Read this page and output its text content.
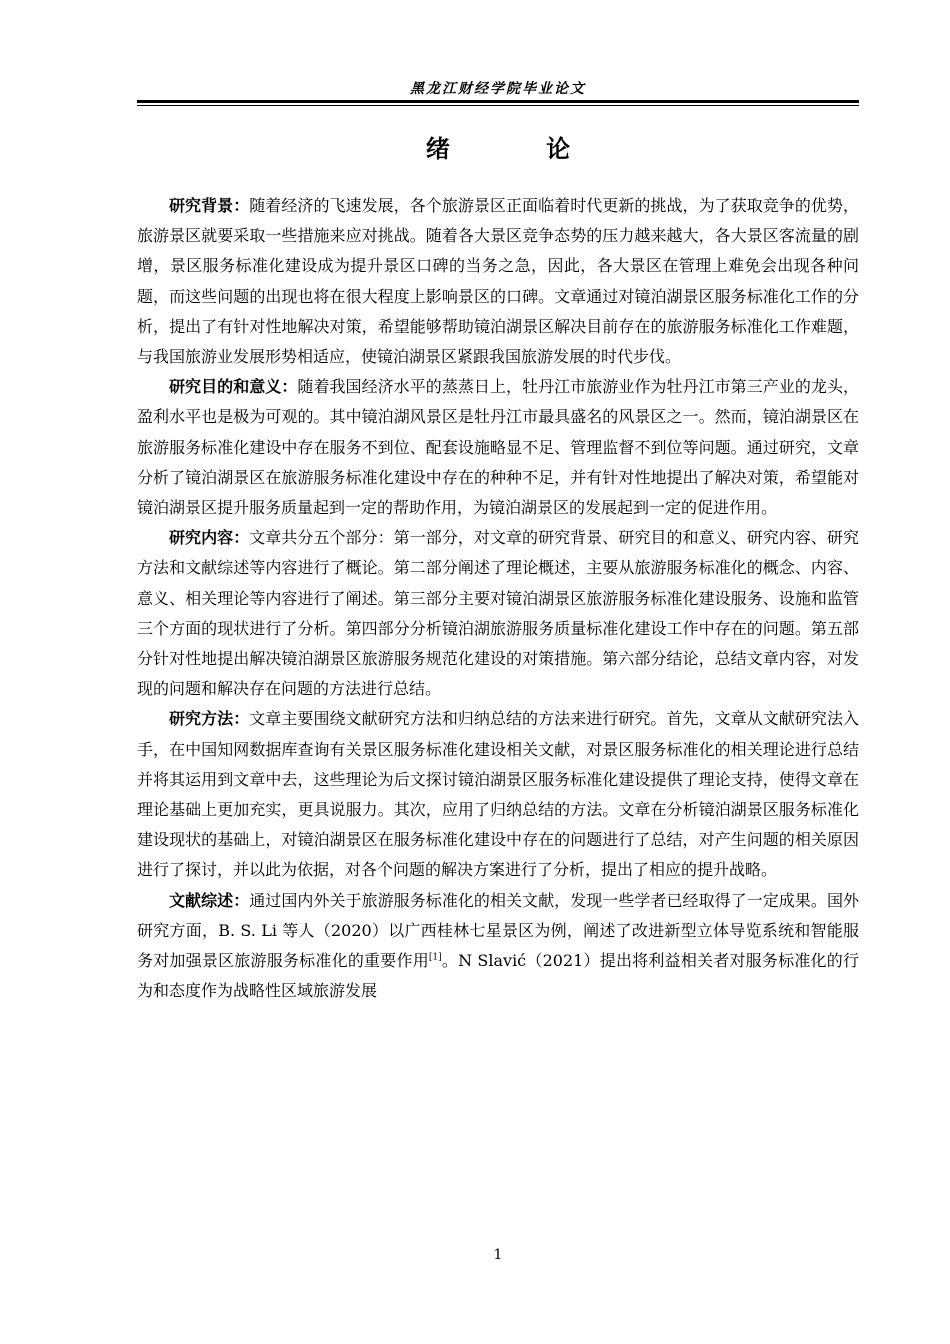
黑龙江财经学院毕业论文
绪 论

研究背景：随着经济的飞速发展，各个旅游景区正面临着时代更新的挑战，为了获取竞争的优势，旅游景区就要采取一些措施来应对挑战。随着各大景区竞争态势的压力越来越大，各大景区客流量的剧增，景区服务标准化建设成为提升景区口碑的当务之急，因此，各大景区在管理上难免会出现各种问题，而这些问题的出现也将在很大程度上影响景区的口碑。文章通过对镜泊湖景区服务标准化工作的分析，提出了有针对性地解决对策，希望能够帮助镜泊湖景区解决目前存在的旅游服务标准化工作难题，与我国旅游业发展形势相适应，使镜泊湖景区紧跟我国旅游发展的时代步伐。

研究目的和意义：随着我国经济水平的蒸蒸日上，牡丹江市旅游业作为牡丹江市第三产业的龙头，盈利水平也是极为可观的。其中镜泊湖风景区是牡丹江市最具盛名的风景区之一。然而，镜泊湖景区在旅游服务标准化建设中存在服务不到位、配套设施略显不足、管理监督不到位等问题。通过研究，文章分析了镜泊湖景区在旅游服务标准化建设中存在的种种不足，并有针对性地提出了解决对策，希望能对镜泊湖景区提升服务质量起到一定的帮助作用，为镜泊湖景区的发展起到一定的促进作用。

研究内容：文章共分五个部分：第一部分，对文章的研究背景、研究目的和意义、研究内容、研究方法和文献综述等内容进行了概论。第二部分阐述了理论概述，主要从旅游服务标准化的概念、内容、意义、相关理论等内容进行了阐述。第三部分主要对镜泊湖景区旅游服务标准化建设服务、设施和监管三个方面的现状进行了分析。第四部分分析镜泊湖旅游服务质量标准化建设工作中存在的问题。第五部分针对性地提出解决镜泊湖景区旅游服务规范化建设的对策措施。第六部分结论，总结文章内容，对发现的问题和解决存在问题的方法进行总结。

研究方法：文章主要围绕文献研究方法和归纳总结的方法来进行研究。首先，文章从文献研究法入手，在中国知网数据库查询有关景区服务标准化建设相关文献，对景区服务标准化的相关理论进行总结并将其运用到文章中去，这些理论为后文探讨镜泊湖景区服务标准化建设提供了理论支持，使得文章在理论基础上更加充实，更具说服力。其次，应用了归纳总结的方法。文章在分析镜泊湖景区服务标准化建设现状的基础上，对镜泊湖景区在服务标准化建设中存在的问题进行了总结，对产生问题的相关原因进行了探讨，并以此为依据，对各个问题的解决方案进行了分析，提出了相应的提升战略。

文献综述：通过国内外关于旅游服务标准化的相关文献，发现一些学者已经取得了一定成果。国外研究方面，B. S. Li 等人（2020）以广西桂林七星景区为例，阐述了改进新型立体导览系统和智能服务对加强景区旅游服务标准化的重要作用[1]。N Slavić（2021）提出将利益相关者对服务标准化的行为和态度作为战略性区域旅游发展

1
